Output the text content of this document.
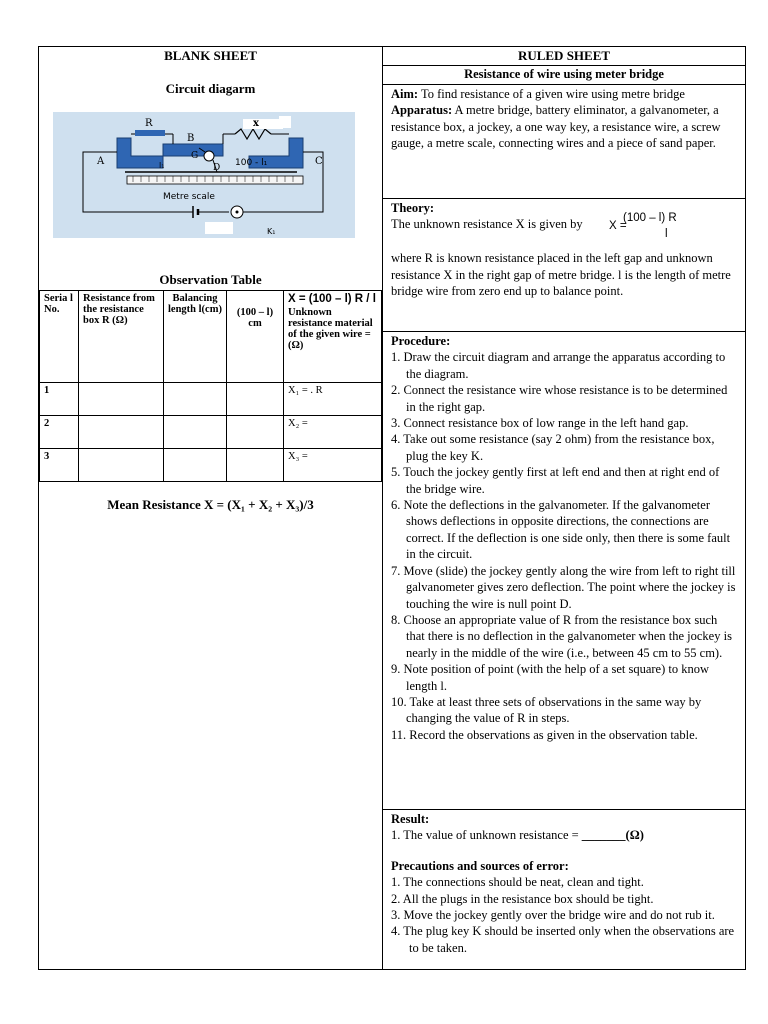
BLANK SHEET
Circuit diagarm
R	x
B
A	C
G
D
l₁	100 - l₁
Metre scale
K₁
Observation Table
Seria l No.	Resistance from the resistance box R (Ω)	Balancing length l(cm)	(100 – l) cm	X = (100 – l) R / l
Unknown resistance material of the given wire = (Ω)

1				X₁ = . R
2				X₂ =
3				X₃ =
Mean Resistance X = (X₁ + X₂ + X₃)/3
RULED SHEET
Resistance of wire using meter bridge
Aim: To find resistance of a given wire using metre bridge
Apparatus: A metre bridge, battery eliminator, a galvanometer, a resistance box, a jockey, a one way key, a resistance wire, a screw gauge, a metre scale, connecting wires and a piece of sand paper.
Theory:
The unknown resistance X is given by X =
(100 – l) R
l
where R is known resistance placed in the left gap and unknown resistance X in the right gap of metre bridge. l is the length of metre bridge wire from zero end up to balance point.
Procedure:
1. Draw the circuit diagram and arrange the apparatus according to the diagram.
2. Connect the resistance wire whose resistance is to be determined in the right gap.
3. Connect resistance box of low range in the left hand gap.
4. Take out some resistance (say 2 ohm) from the resistance box, plug the key K.
5. Touch the jockey gently first at left end and then at right end of the bridge wire.
6. Note the deflections in the galvanometer. If the galvanometer shows deflections in opposite directions, the connections are correct. If the deflection is one side only, then there is some fault in the circuit.
7. Move (slide) the jockey gently along the wire from left to right till galvanometer gives zero deflection. The point where the jockey is touching the wire is null point D.
8. Choose an appropriate value of R from the resistance box such that there is no deflection in the galvanometer when the jockey is nearly in the middle of the wire (i.e., between 45 cm to 55 cm).
9. Note position of point (with the help of a set square) to know length l.
10. Take at least three sets of observations in the same way by changing the value of R in steps.
11. Record the observations as given in the observation table.
Result:
1. The value of unknown resistance = _______(Ω)
Precautions and sources of error:
1. The connections should be neat, clean and tight.
2. All the plugs in the resistance box should be tight.
3. Move the jockey gently over the bridge wire and do not rub it.
4. The plug key K should be inserted only when the observations are to be taken.
